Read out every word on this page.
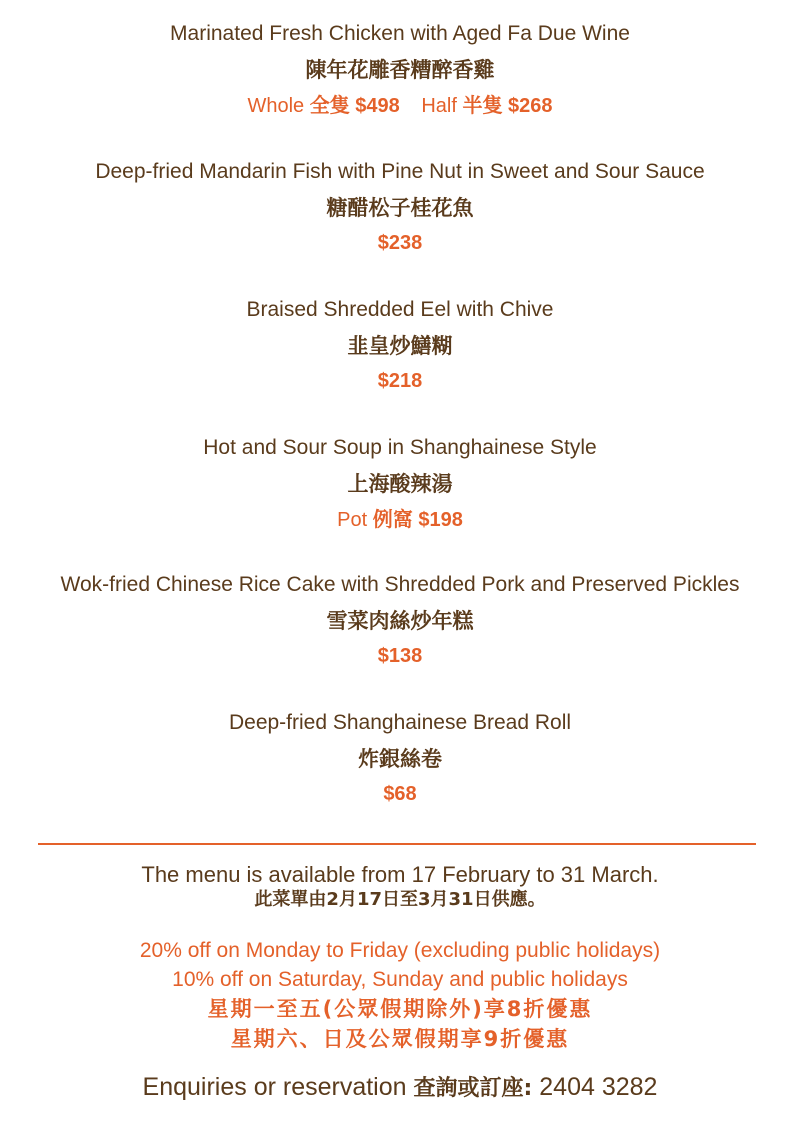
Marinated Fresh Chicken with Aged Fa Due Wine
陳年花雕香糟醉香雞
Whole 全隻 $498 Half 半隻 $268
Deep-fried Mandarin Fish with Pine Nut in Sweet and Sour Sauce
糖醋松子桂花魚
$238
Braised Shredded Eel with Chive
韭皇炒鱔糊
$218
Hot and Sour Soup in Shanghainese Style
上海酸辣湯
Pot 例窩 $198
Wok-fried Chinese Rice Cake with Shredded Pork and Preserved Pickles
雪菜肉絲炒年糕
$138
Deep-fried Shanghainese Bread Roll
炸銀絲卷
$68
The menu is available from 17 February to 31 March.
此菜單由2月17日至3月31日供應。
20% off on Monday to Friday (excluding public holidays)
10% off on Saturday, Sunday and public holidays
星期一至五(公眾假期除外)享8折優惠
星期六、日及公眾假期享9折優惠
Enquiries or reservation 查詢或訂座: 2404 3282
